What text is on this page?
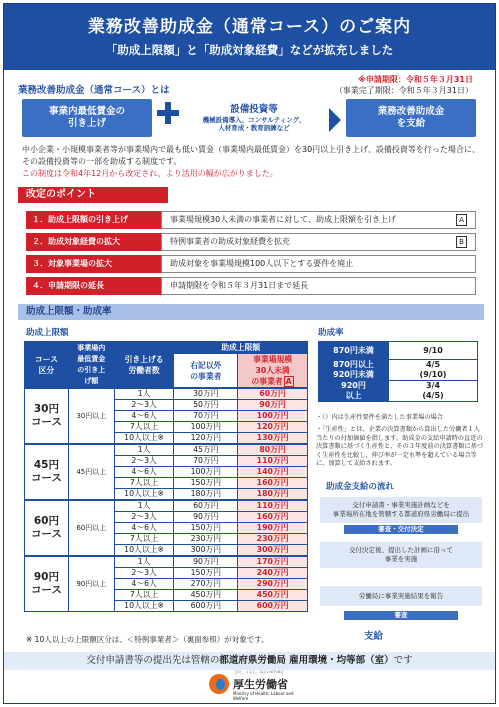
業務改善助成金（通常コース）のご案内
「助成上限額」と「助成対象経費」などが拡充しました
業務改善助成金（通常コース）とは
※申請期限：令和５年３月31日
（事業完了期限：令和５年３月31日）
事業内最低賃金の
引き上げ
設備投資等
機械設備導入、コンサルティング、
人材育成・教育訓練など
業務改善助成金
を支給
中小企業・小規模事業者等が事業場内で最も低い賃金（事業場内最低賃金）を30円以上引き上げ、設備投資等を行った場合に、その設備投資等の一部を助成する制度です。
この制度は令和4年12月から改定され、より活用の幅が広がりました。
改定のポイント
１．助成上限額の引き上げ	事業場規模30人未満の事業者に対して、助成上限額を引き上げ	A
２．助成対象経費の拡大	特例事業者の助成対象経費を拡充	B
３．対象事業場の拡大	助成対象を事業場規模100人以下とする要件を廃止
４．申請期限の延長	申請期限を令和５年３月31日まで延長
助成上限額・助成率
助成上限額	助成率
コース
区分	事業場内
最低賃金
の引き上
げ額	引き上げる
労働者数	助成上限額	
			右記以外
の事業者	事業場規模
30人未満
の事業者 A
30円
コース	30円以上	1人	30万円	60万円
		2～3人	50万円	90万円
		4～6人	70万円	100万円
		7人以上	100万円	120万円
		10人以上※	120万円	130万円
45円
コース	45円以上	1人	45万円	80万円
		2～3人	70万円	110万円
		4～6人	100万円	140万円
		7人以上	150万円	160万円
		10人以上※	180万円	180万円
60円
コース	60円以上	1人	60万円	110万円
		2～3人	90万円	160万円
		4～6人	150万円	190万円
		7人以上	230万円	230万円
		10人以上※	300万円	300万円
90円
コース	90円以上	1人	90万円	170万円
		2～3人	150万円	240万円
		4～6人	270万円	290万円
		7人以上	450万円	450万円
		10人以上※	600万円	600万円
870円未満	9/10
870円以上
920円未満	4/5
(9/10)
920円
以上	3/4
(4/5)
・（）内は生産性要件を満たした事業場の場合
・「生産性」とは、企業の決算書類から算出した労働者１人当たりの付加価値を指します。助成金の支給申請時の直近の決算書類に基づく生産性と、その３年度前の決算書類に基づく生産性を比較し、伸び率が一定水準を超えている場合等に、加算して支給されます。
助成金支給の流れ
交付申請書・事業実施計画などを
事業場所在地を管轄する都道府県労働局に提出
審査・交付決定
交付決定後、提出した計画に沿って
事業を実施
労働局に事業実施結果を報告
審査
支給
※ 10人以上の上限額区分は、＜特例事業者＞（裏面参照）が対象です。
交付申請書等の提出先は管轄の都道府県労働局 雇用環境・均等部（室）です
ひと、くらし、みらいのために
厚生労働省
Ministry of Health, Labour and Welfare
